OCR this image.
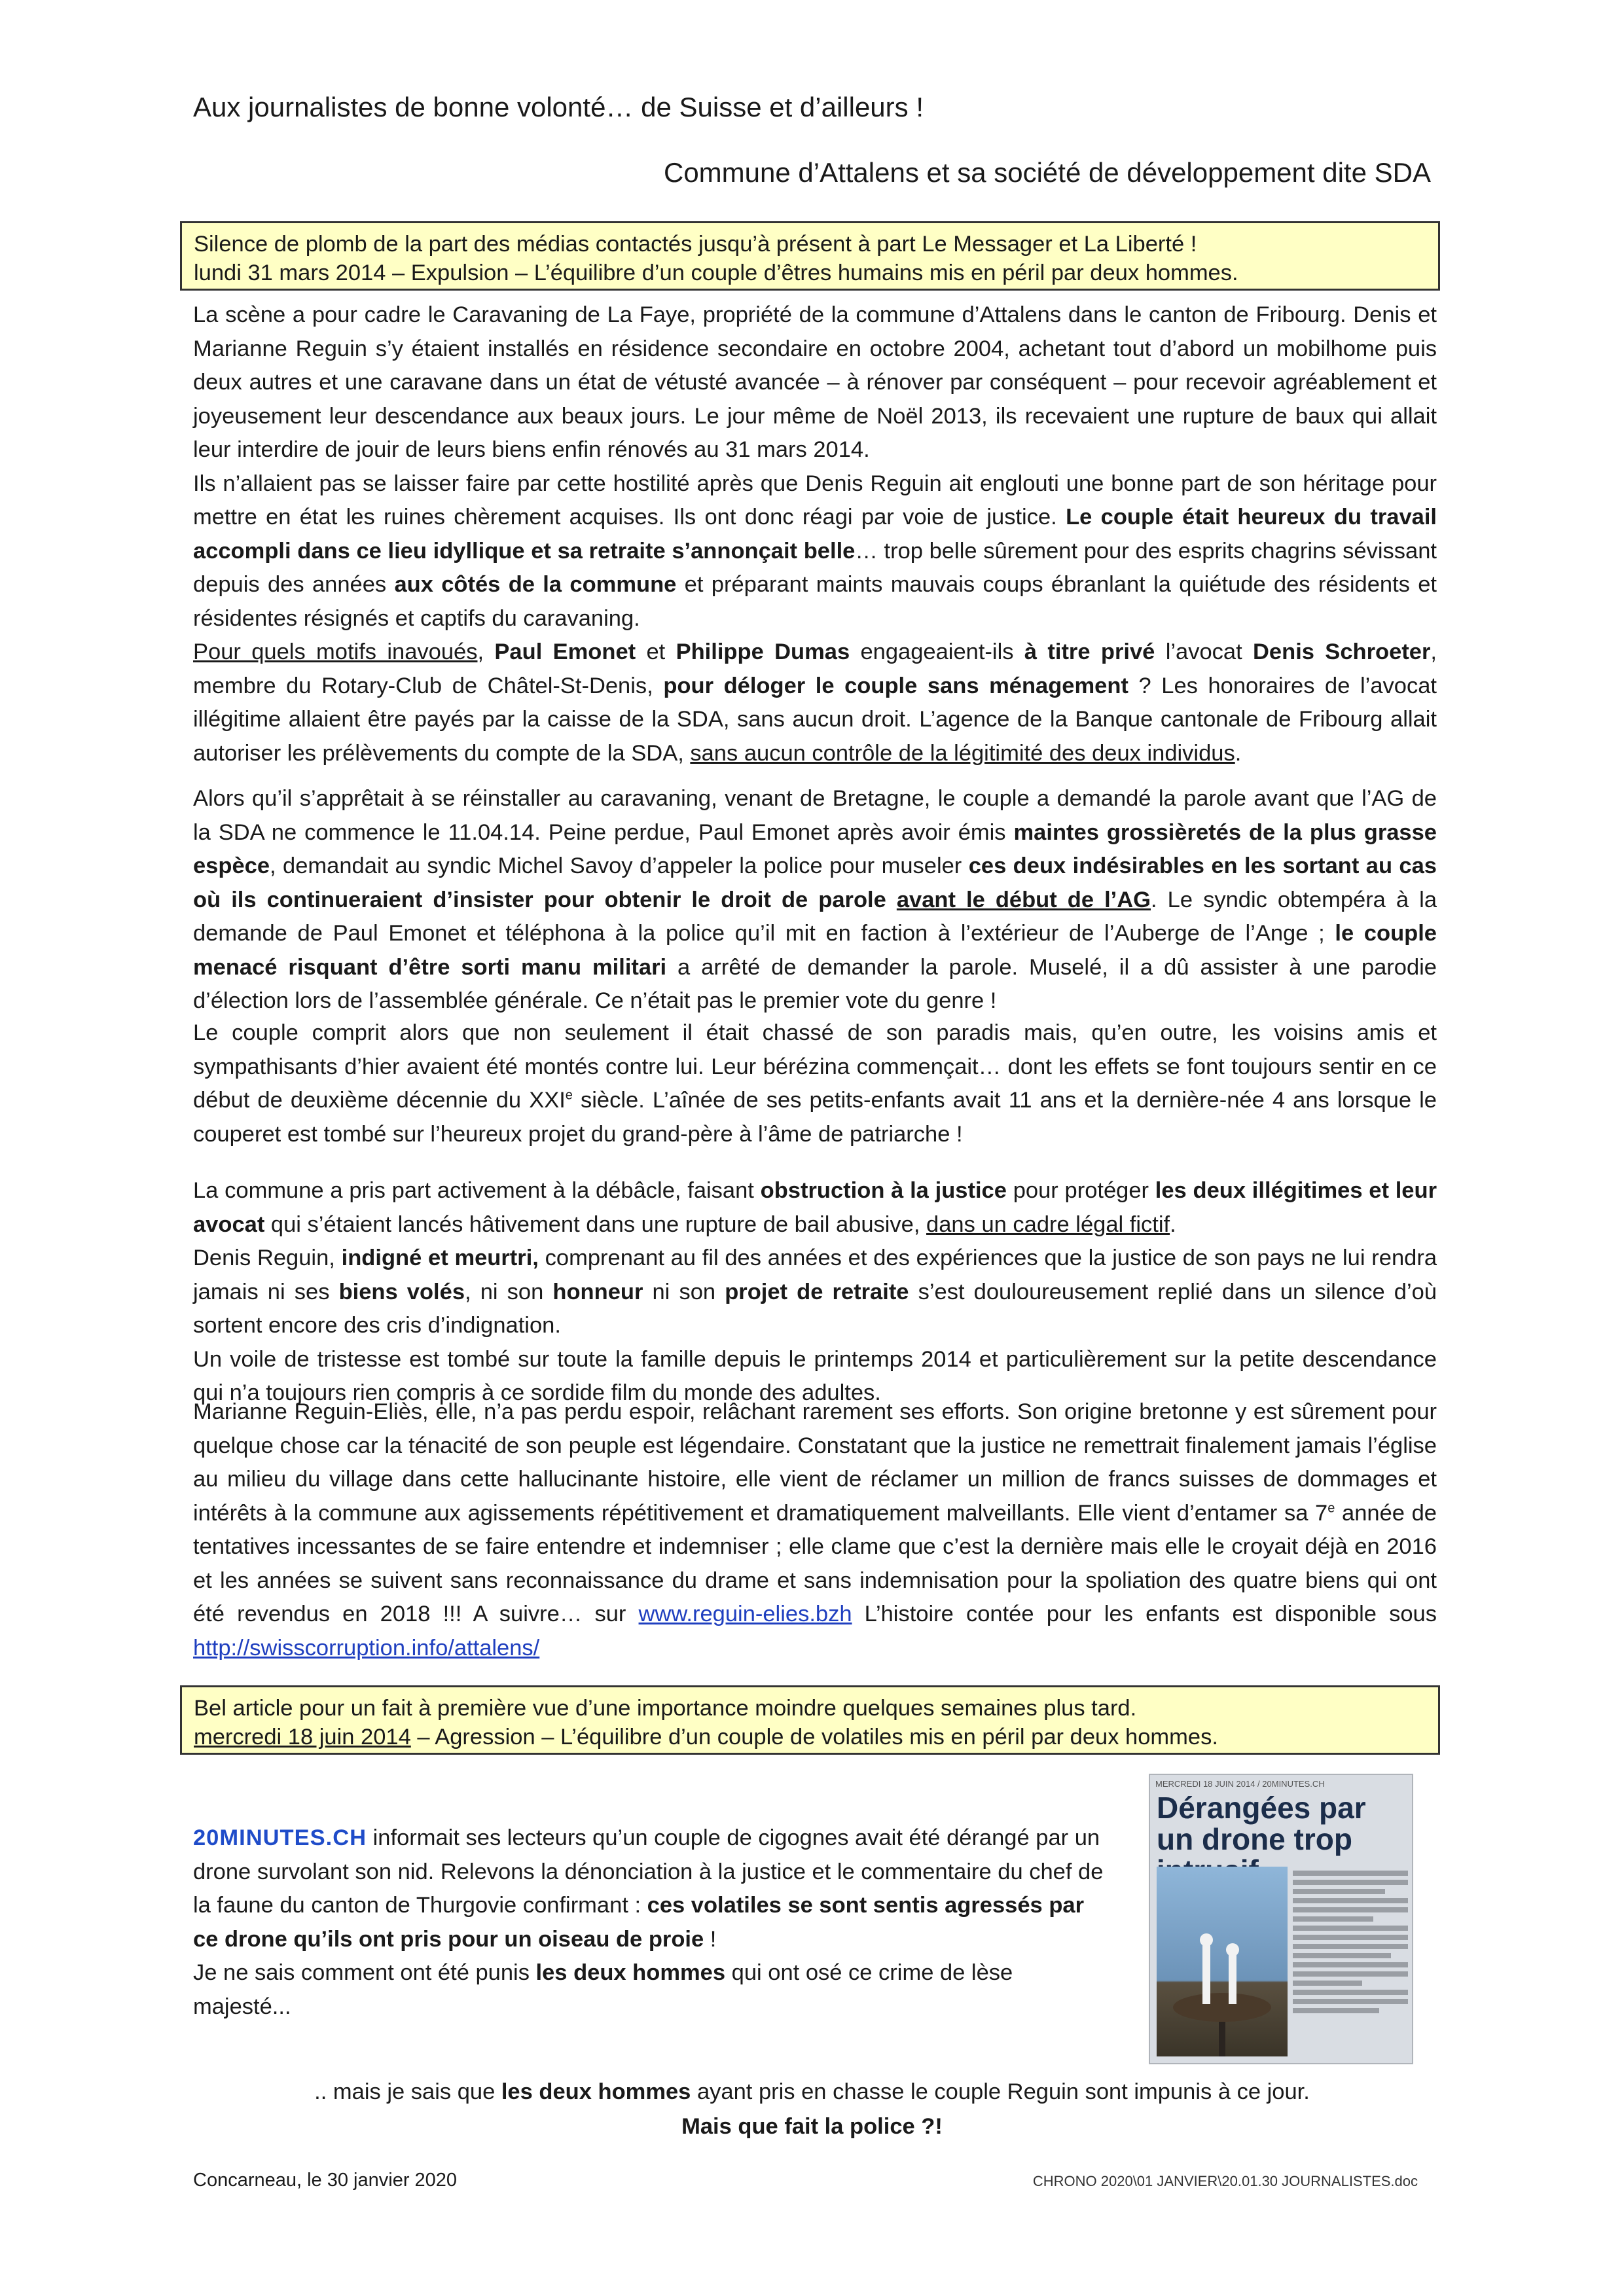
Aux journalistes de bonne volonté… de Suisse et d’ailleurs !
Commune d’Attalens et sa société de développement dite SDA
Silence de plomb de la part des médias contactés jusqu’à présent à part Le Messager et La Liberté !
lundi 31 mars 2014 – Expulsion – L’équilibre d’un couple d’êtres humains mis en péril par deux hommes.

La scène a pour cadre le Caravaning de La Faye, propriété de la commune d’Attalens dans le canton de Fribourg. Denis et Marianne Reguin s’y étaient installés en résidence secondaire en octobre 2004, achetant tout d’abord un mobilhome puis deux autres et une caravane dans un état de vétusté avancée – à rénover par conséquent – pour recevoir agréablement et joyeusement leur descendance aux beaux jours. Le jour même de Noël 2013, ils recevaient une rupture de baux qui allait leur interdire de jouir de leurs biens enfin rénovés au 31 mars 2014.

Ils n’allaient pas se laisser faire par cette hostilité après que Denis Reguin ait englouti une bonne part de son héritage pour mettre en état les ruines chèrement acquises. Ils ont donc réagi par voie de justice. Le couple était heureux du travail accompli dans ce lieu idyllique et sa retraite s’annonçait belle… trop belle sûrement pour des esprits chagrins sévissant depuis des années aux côtés de la commune et préparant maints mauvais coups ébranlant la quiétude des résidents et résidentes résignés et captifs du caravaning.

Pour quels motifs inavoués, Paul Emonet et Philippe Dumas engageaient-ils à titre privé l’avocat Denis Schroeter, membre du Rotary-Club de Châtel-St-Denis, pour déloger le couple sans ménagement ? Les honoraires de l’avocat illégitime allaient être payés par la caisse de la SDA, sans aucun droit. L’agence de la Banque cantonale de Fribourg allait autoriser les prélèvements du compte de la SDA, sans aucun contrôle de la légitimité des deux individus.

Alors qu’il s’apprêtait à se réinstaller au caravaning, venant de Bretagne, le couple a demandé la parole avant que l’AG de la SDA ne commence le 11.04.14. Peine perdue, Paul Emonet après avoir émis maintes grossièretés de la plus grasse espèce, demandait au syndic Michel Savoy d’appeler la police pour museler ces deux indésirables en les sortant au cas où ils continueraient d’insister pour obtenir le droit de parole avant le début de l’AG. Le syndic obtempéra à la demande de Paul Emonet et téléphona à la police qu’il mit en faction à l’extérieur de l’Auberge de l’Ange ; le couple menacé risquant d’être sorti manu militari a arrêté de demander la parole. Muselé, il a dû assister à une parodie d’élection lors de l’assemblée générale. Ce n’était pas le premier vote du genre !

Le couple comprit alors que non seulement il était chassé de son paradis mais, qu’en outre, les voisins amis et sympathisants d’hier avaient été montés contre lui. Leur bérézina commençait… dont les effets se font toujours sentir en ce début de deuxième décennie du XXIe siècle. L’aînée de ses petits-enfants avait 11 ans et la dernière-née 4 ans lorsque le couperet est tombé sur l’heureux projet du grand-père à l’âme de patriarche !

La commune a pris part activement à la débâcle, faisant obstruction à la justice pour protéger les deux illégitimes et leur avocat qui s’étaient lancés hâtivement dans une rupture de bail abusive, dans un cadre légal fictif.

Denis Reguin, indigné et meurtri, comprenant au fil des années et des expériences que la justice de son pays ne lui rendra jamais ni ses biens volés, ni son honneur ni son projet de retraite s’est douloureusement replié dans un silence d’où sortent encore des cris d’indignation.

Un voile de tristesse est tombé sur toute la famille depuis le printemps 2014 et particulièrement sur la petite descendance qui n’a toujours rien compris à ce sordide film du monde des adultes.

Marianne Reguin-Eliès, elle, n’a pas perdu espoir, relâchant rarement ses efforts. Son origine bretonne y est sûrement pour quelque chose car la ténacité de son peuple est légendaire. Constatant que la justice ne remettrait finalement jamais l’église au milieu du village dans cette hallucinante histoire, elle vient de réclamer un million de francs suisses de dommages et intérêts à la commune aux agissements répétitivement et dramatiquement malveillants. Elle vient d’entamer sa 7e année de tentatives incessantes de se faire entendre et indemniser ; elle clame que c’est la dernière mais elle le croyait déjà en 2016 et les années se suivent sans reconnaissance du drame et sans indemnisation pour la spoliation des quatre biens qui ont été revendus en 2018 !!! A suivre… sur www.reguin-elies.bzh L’histoire contée pour les enfants est disponible sous http://swisscorruption.info/attalens/

Bel article pour un fait à première vue d’une importance moindre quelques semaines plus tard.
mercredi 18 juin 2014 – Agression – L’équilibre d’un couple de volatiles mis en péril par deux hommes.

20MINUTES.CH informait ses lecteurs qu’un couple de cigognes avait été dérangé par un drone survolant son nid. Relevons la dénonciation à la justice et le commentaire du chef de la faune du canton de Thurgovie confirmant : ces volatiles se sont sentis agressés par ce drone qu’ils ont pris pour un oiseau de proie !

Je ne sais comment ont été punis les deux hommes qui ont osé ce crime de lèse majesté...

MERCREDI 18 JUIN 2014 / 20MINUTES.CH
Dérangées par un drone trop
.. mais je sais que les deux hommes ayant pris en chasse le couple Reguin sont impunis à ce jour.
Mais que fait la police ?!
Concarneau, le 30 janvier 2020	CHRONO 2020\01 JANVIER\20.01.30 JOURNALISTES.doc
